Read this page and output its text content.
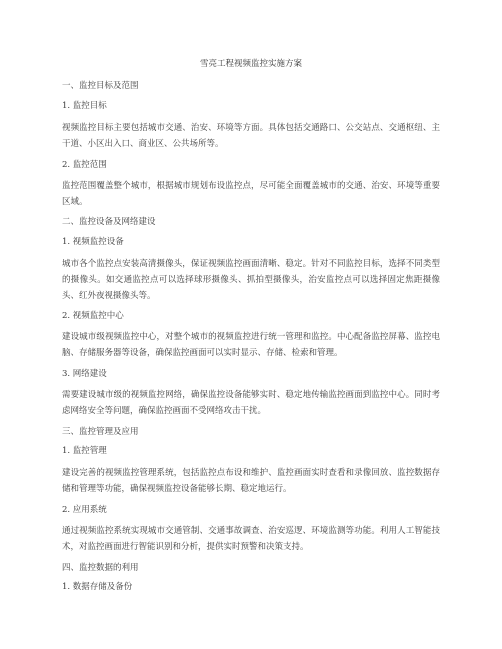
雪亮工程视频监控实施方案
一、监控目标及范围
1. 监控目标
视频监控目标主要包括城市交通、治安、环境等方面。具体包括交通路口、公交站点、交通枢纽、主干道、小区出入口、商业区、公共场所等。
2. 监控范围
监控范围覆盖整个城市，根据城市规划布设监控点，尽可能全面覆盖城市的交通、治安、环境等重要区域。
二、监控设备及网络建设
1. 视频监控设备
城市各个监控点安装高清摄像头，保证视频监控画面清晰、稳定。针对不同监控目标，选择不同类型的摄像头。如交通监控点可以选择球形摄像头、抓拍型摄像头，治安监控点可以选择固定焦距摄像头、红外夜视摄像头等。
2. 视频监控中心
建设城市级视频监控中心，对整个城市的视频监控进行统一管理和监控。中心配备监控屏幕、监控电脑、存储服务器等设备，确保监控画面可以实时显示、存储、检索和管理。
3. 网络建设
需要建设城市级的视频监控网络，确保监控设备能够实时、稳定地传输监控画面到监控中心。同时考虑网络安全等问题，确保监控画面不受网络攻击干扰。
三、监控管理及应用
1. 监控管理
建设完善的视频监控管理系统，包括监控点布设和维护、监控画面实时查看和录像回放、监控数据存储和管理等功能，确保视频监控设备能够长期、稳定地运行。
2. 应用系统
通过视频监控系统实现城市交通管制、交通事故调查、治安巡逻、环境监测等功能。利用人工智能技术，对监控画面进行智能识别和分析，提供实时预警和决策支持。
四、监控数据的利用
1. 数据存储及备份
